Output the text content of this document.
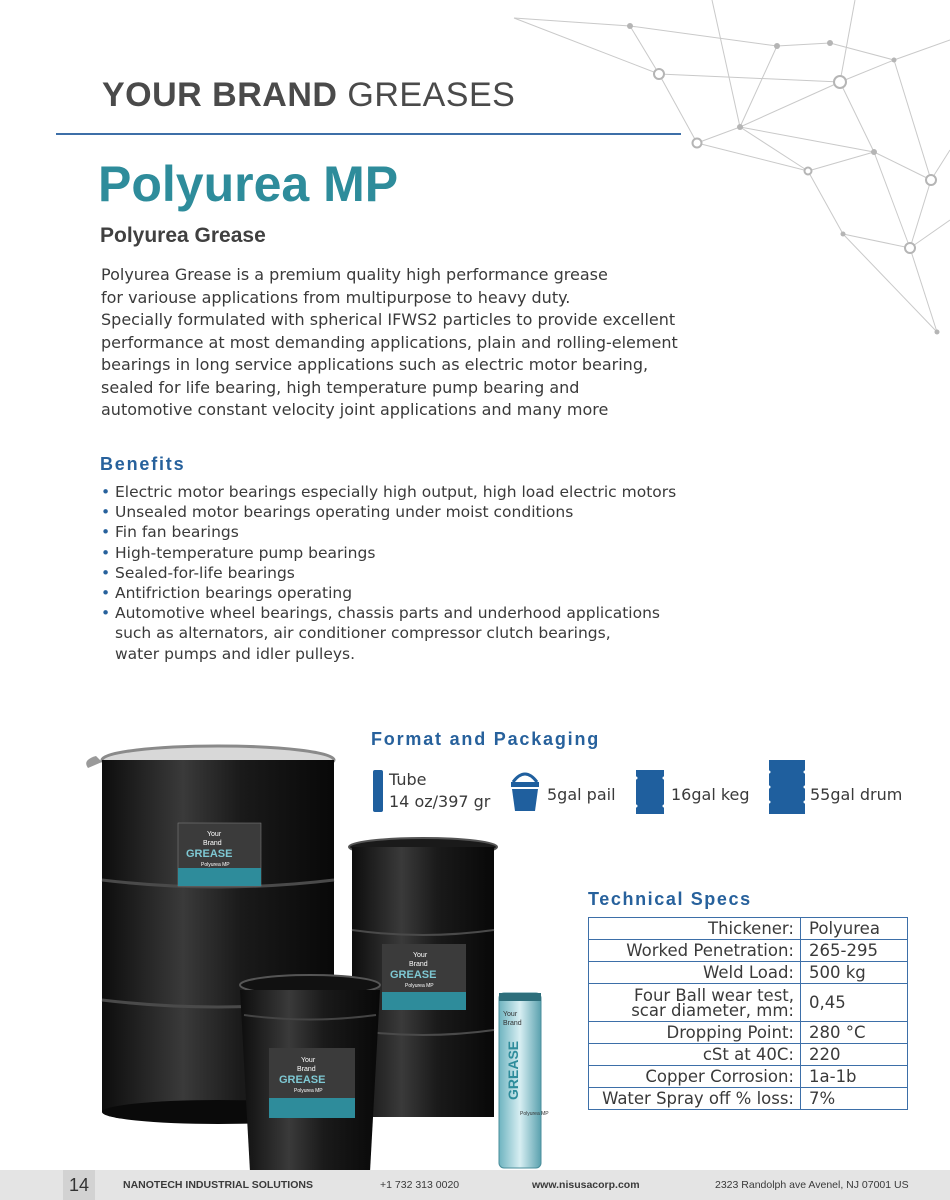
YOUR BRAND GREASES
Polyurea MP
Polyurea Grease
Polyurea Grease is a premium quality high performance grease
for variouse applications from multipurpose to heavy duty.
Specially formulated with spherical IFWS2 particles to provide excellent
performance at most demanding applications, plain and rolling-element
bearings in long service applications such as electric motor bearing,
sealed for life bearing, high temperature pump bearing and
automotive constant velocity joint applications and many more
Benefits
• Electric motor bearings especially high output, high load electric motors
• Unsealed motor bearings operating under moist conditions
• Fin fan bearings
• High-temperature pump bearings
• Sealed-for-life bearings
• Antifriction bearings operating
• Automotive wheel bearings, chassis parts and underhood applications
such as alternators, air conditioner compressor clutch bearings,
water pumps and idler pulleys.
Your
Brand
GREASE
Polyurea MP
Your
Brand
GREASE
Polyurea MP
Your
Brand
GREASE
Polyurea MP
Your
Brand
GREASE
Polyurea MP
Format and Packaging
Tube
14 oz/397 gr	5gal pail	16gal keg	55gal drum
Technical Specs
Thickener:	Polyurea
Worked Penetration:	265-295
Weld Load:	500 kg

Four Ball wear test,
scar diameter, mm:	0,45
Dropping Point:	280 °C
cSt at 40C:	220
Copper Corrosion:	1a-1b
Water Spray off % loss:	7%
14	NANOTECH INDUSTRIAL SOLUTIONS	+1 732 313 0020	www.nisusacorp.com	2323 Randolph ave Avenel, NJ 07001 US
